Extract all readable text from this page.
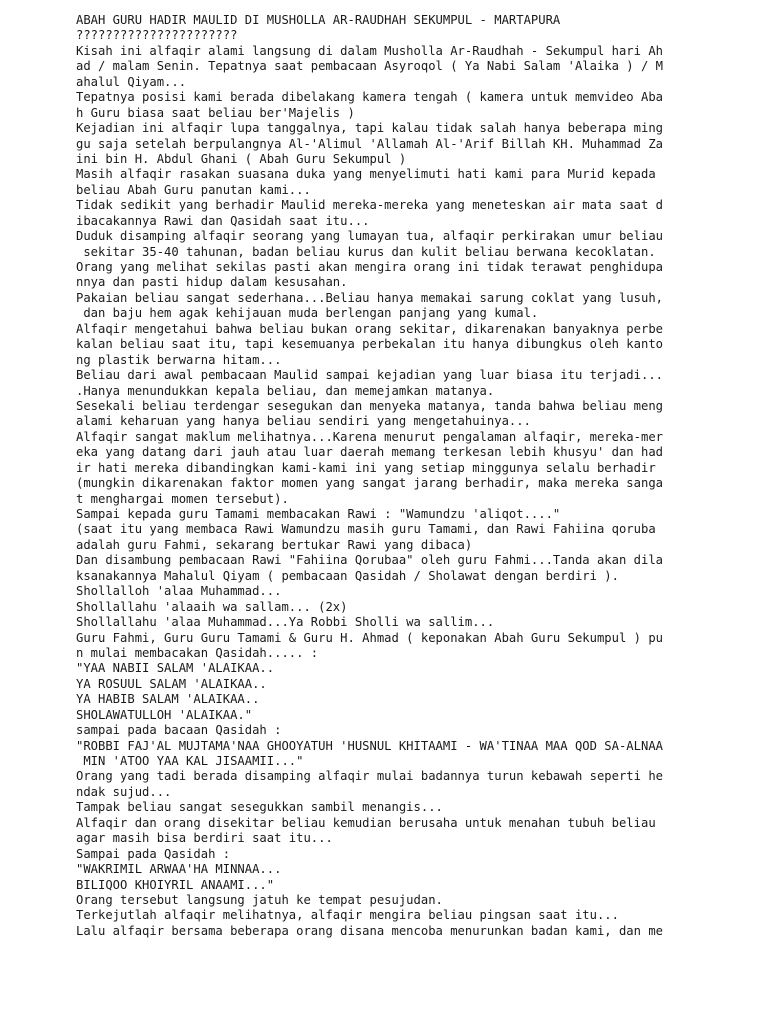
ABAH GURU HADIR MAULID DI MUSHOLLA AR-RAUDHAH SEKUMPUL - MARTAPURA
??????????????????????
Kisah ini alfaqir alami langsung di dalam Musholla Ar-Raudhah - Sekumpul hari Ah
ad / malam Senin. Tepatnya saat pembacaan Asyroqol ( Ya Nabi Salam 'Alaika ) / M
ahalul Qiyam...
Tepatnya posisi kami berada dibelakang kamera tengah ( kamera untuk memvideo Aba
h Guru biasa saat beliau ber'Majelis )
Kejadian ini alfaqir lupa tanggalnya, tapi kalau tidak salah hanya beberapa ming
gu saja setelah berpulangnya Al-'Alimul 'Allamah Al-'Arif Billah KH. Muhammad Za
ini bin H. Abdul Ghani ( Abah Guru Sekumpul )
Masih alfaqir rasakan suasana duka yang menyelimuti hati kami para Murid kepada
beliau Abah Guru panutan kami...
Tidak sedikit yang berhadir Maulid mereka-mereka yang meneteskan air mata saat d
ibacakannya Rawi dan Qasidah saat itu...
Duduk disamping alfaqir seorang yang lumayan tua, alfaqir perkirakan umur beliau
sekitar 35-40 tahunan, badan beliau kurus dan kulit beliau berwana kecoklatan.
Orang yang melihat sekilas pasti akan mengira orang ini tidak terawat penghidupa
nnya dan pasti hidup dalam kesusahan.
Pakaian beliau sangat sederhana...Beliau hanya memakai sarung coklat yang lusuh,
dan baju hem agak kehijauan muda berlengan panjang yang kumal.
Alfaqir mengetahui bahwa beliau bukan orang sekitar, dikarenakan banyaknya perbe
kalan beliau saat itu, tapi kesemuanya perbekalan itu hanya dibungkus oleh kanto
ng plastik berwarna hitam...
Beliau dari awal pembacaan Maulid sampai kejadian yang luar biasa itu terjadi...
.Hanya menundukkan kepala beliau, dan memejamkan matanya.
Sesekali beliau terdengar sesegukan dan menyeka matanya, tanda bahwa beliau meng
alami keharuan yang hanya beliau sendiri yang mengetahuinya...
Alfaqir sangat maklum melihatnya...Karena menurut pengalaman alfaqir, mereka-mer
eka yang datang dari jauh atau luar daerah memang terkesan lebih khusyu' dan had
ir hati mereka dibandingkan kami-kami ini yang setiap minggunya selalu berhadir
(mungkin dikarenakan faktor momen yang sangat jarang berhadir, maka mereka sanga
t menghargai momen tersebut).
Sampai kepada guru Tamami membacakan Rawi : "Wamundzu 'aliqot...."
(saat itu yang membaca Rawi Wamundzu masih guru Tamami, dan Rawi Fahiina qoruba
adalah guru Fahmi, sekarang bertukar Rawi yang dibaca)
Dan disambung pembacaan Rawi "Fahiina Qorubaa" oleh guru Fahmi...Tanda akan dila
ksanakannya Mahalul Qiyam ( pembacaan Qasidah / Sholawat dengan berdiri ).
Shollalloh 'alaa Muhammad...
Shollallahu 'alaaih wa sallam... (2x)
Shollallahu 'alaa Muhammad...Ya Robbi Sholli wa sallim...
Guru Fahmi, Guru Guru Tamami & Guru H. Ahmad ( keponakan Abah Guru Sekumpul ) pu
n mulai membacakan Qasidah..... :
"YAA NABII SALAM 'ALAIKAA..
YA ROSUUL SALAM 'ALAIKAA..
YA HABIB SALAM 'ALAIKAA..
SHOLAWATULLOH 'ALAIKAA."
sampai pada bacaan Qasidah :
"ROBBI FAJ'AL MUJTAMA'NAA GHOOYATUH 'HUSNUL KHITAAMI - WA'TINAA MAA QOD SA-ALNAA
MIN 'ATOO YAA KAL JISAAMII..."
Orang yang tadi berada disamping alfaqir mulai badannya turun kebawah seperti he
ndak sujud...
Tampak beliau sangat sesegukkan sambil menangis...
Alfaqir dan orang disekitar beliau kemudian berusaha untuk menahan tubuh beliau
agar masih bisa berdiri saat itu...
Sampai pada Qasidah :
"WAKRIMIL ARWAA'HA MINNAA...
BILIQOO KHOIYRIL ANAAMI..."
Orang tersebut langsung jatuh ke tempat pesujudan.
Terkejutlah alfaqir melihatnya, alfaqir mengira beliau pingsan saat itu...
Lalu alfaqir bersama beberapa orang disana mencoba menurunkan badan kami, dan me
